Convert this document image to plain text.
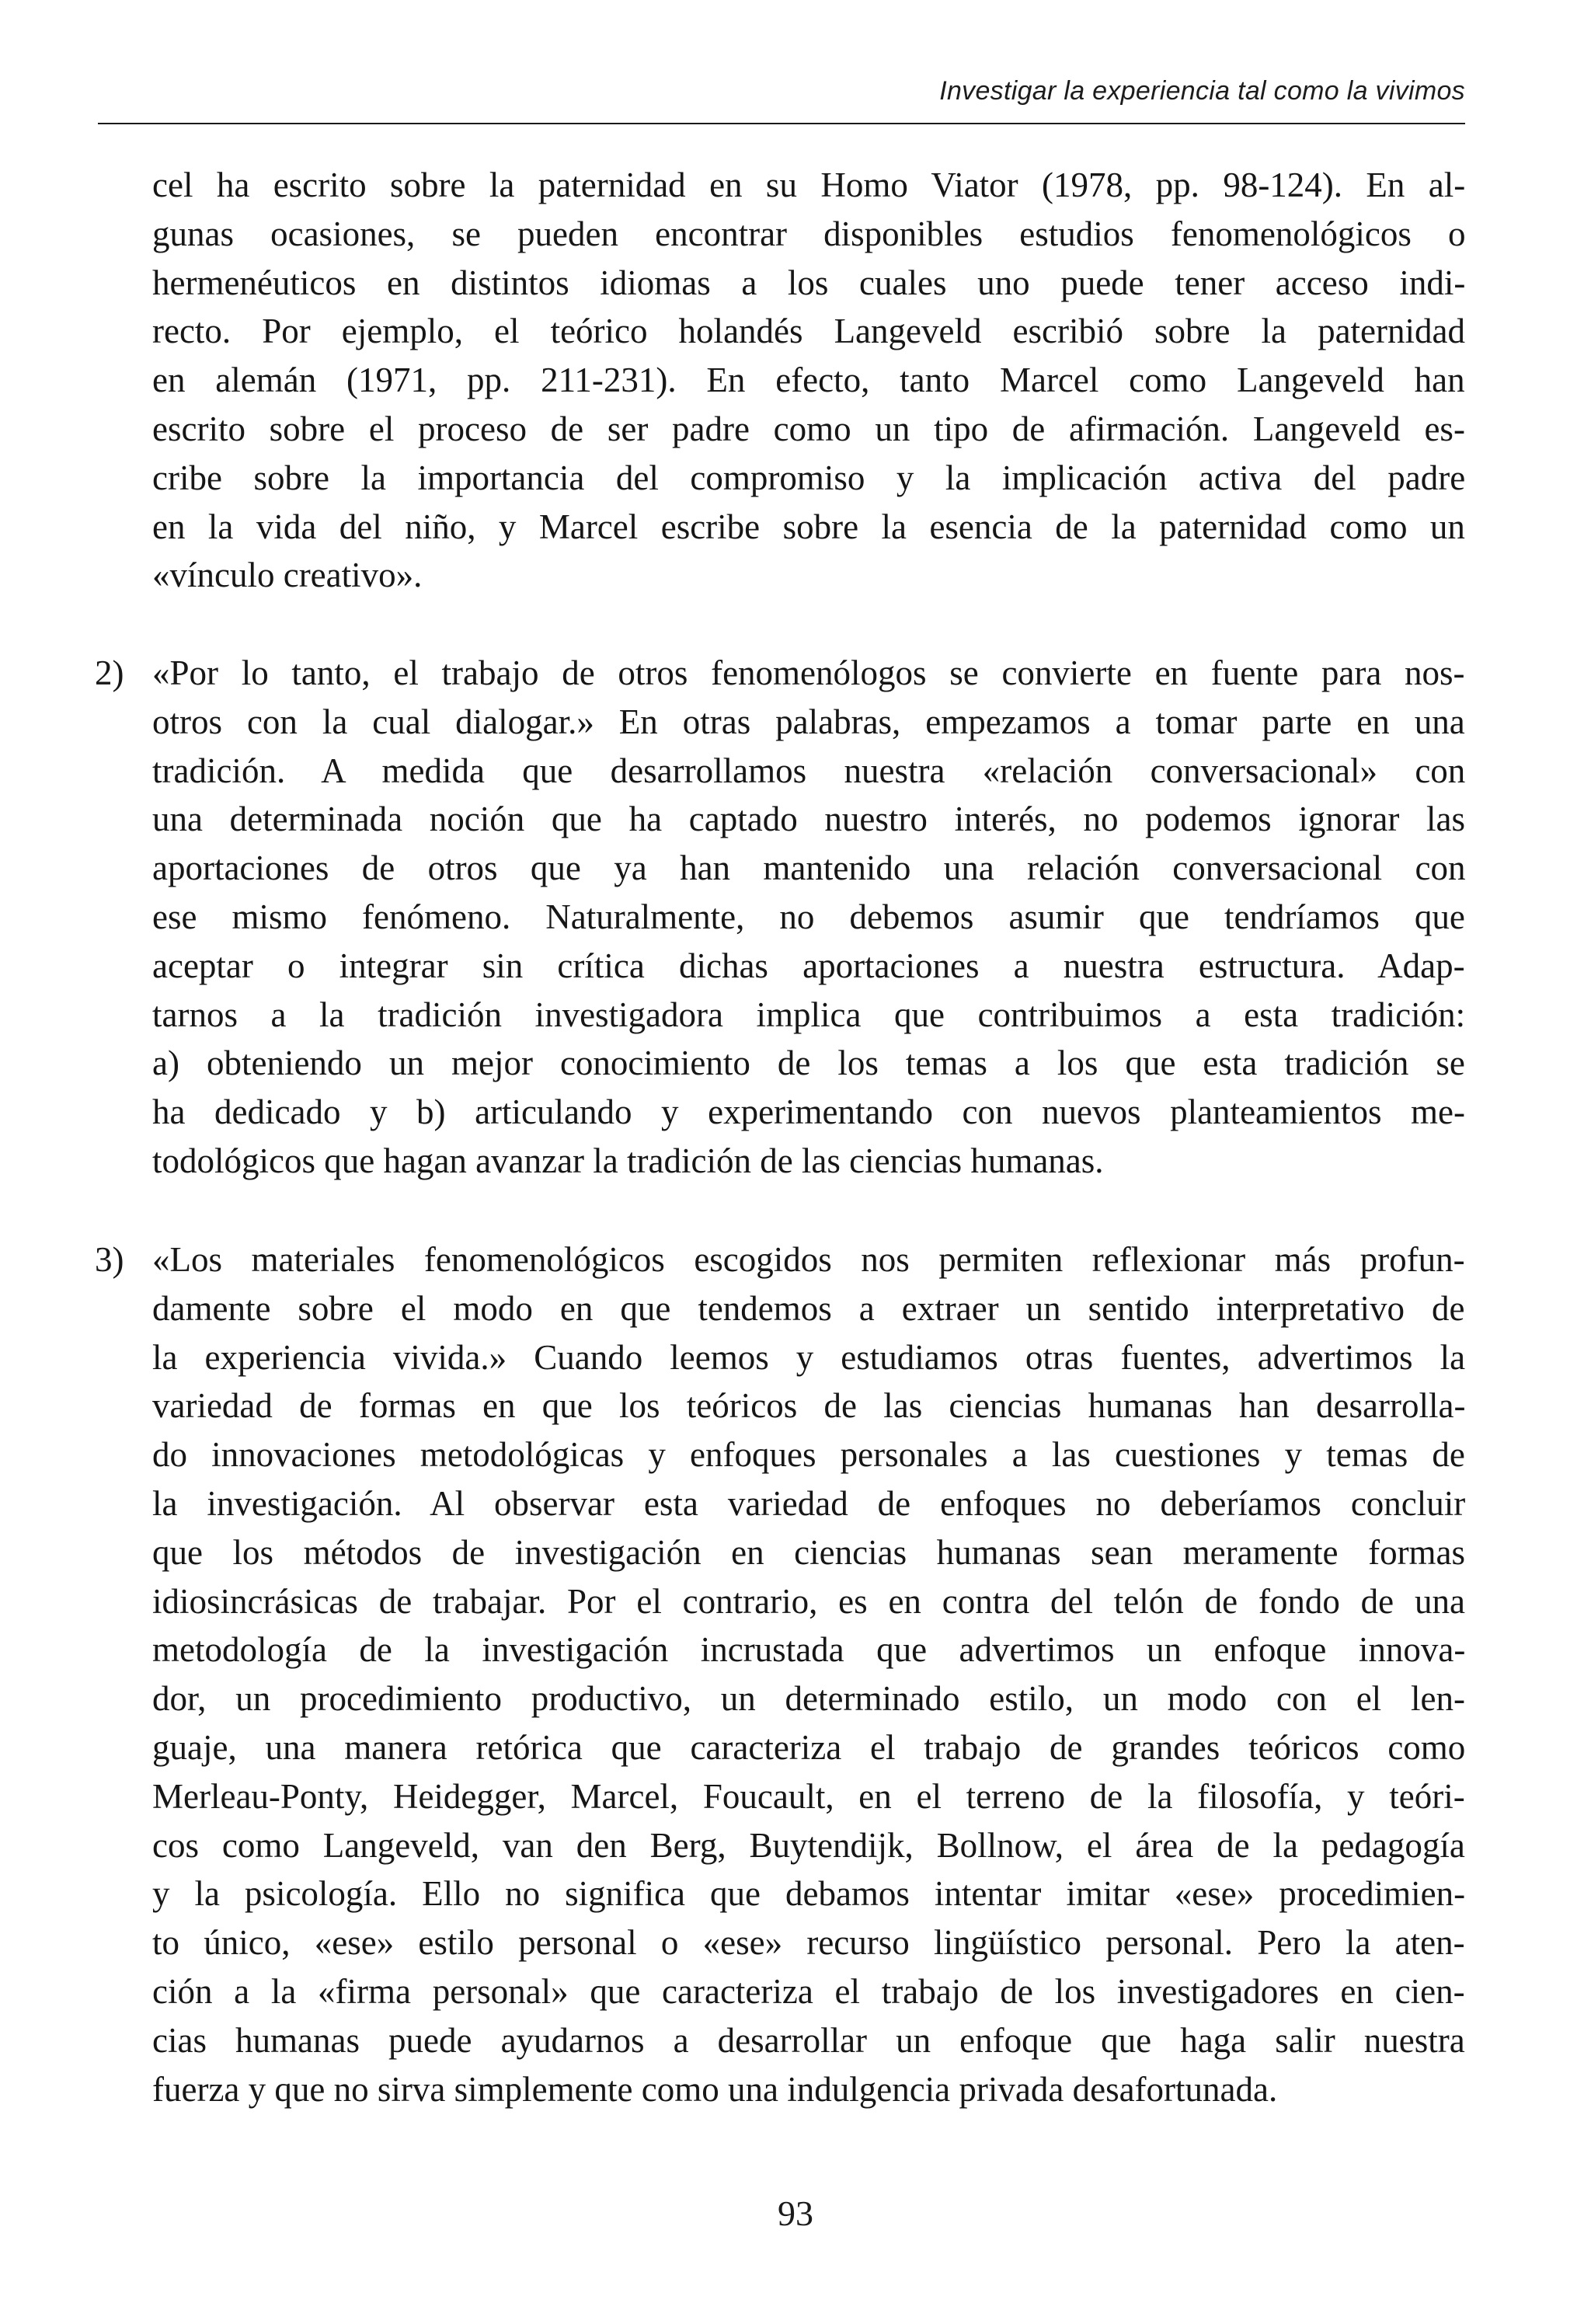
Investigar la experiencia tal como la vivimos
cel ha escrito sobre la paternidad en su Homo Viator (1978, pp. 98-124). En al-
gunas ocasiones, se pueden encontrar disponibles estudios fenomenológicos o
hermenéuticos en distintos idiomas a los cuales uno puede tener acceso indi-
recto. Por ejemplo, el teórico holandés Langeveld escribió sobre la paternidad
en alemán (1971, pp. 211-231). En efecto, tanto Marcel como Langeveld han
escrito sobre el proceso de ser padre como un tipo de afirmación. Langeveld es-
cribe sobre la importancia del compromiso y la implicación activa del padre
en la vida del niño, y Marcel escribe sobre la esencia de la paternidad como un
«vínculo creativo».
2) «Por lo tanto, el trabajo de otros fenomenólogos se convierte en fuente para nos-
otros con la cual dialogar.» En otras palabras, empezamos a tomar parte en una
tradición. A medida que desarrollamos nuestra «relación conversacional» con
una determinada noción que ha captado nuestro interés, no podemos ignorar las
aportaciones de otros que ya han mantenido una relación conversacional con
ese mismo fenómeno. Naturalmente, no debemos asumir que tendríamos que
aceptar o integrar sin crítica dichas aportaciones a nuestra estructura. Adap-
tarnos a la tradición investigadora implica que contribuimos a esta tradición:
a) obteniendo un mejor conocimiento de los temas a los que esta tradición se
ha dedicado y b) articulando y experimentando con nuevos planteamientos me-
todológicos que hagan avanzar la tradición de las ciencias humanas.
3) «Los materiales fenomenológicos escogidos nos permiten reflexionar más profun-
damente sobre el modo en que tendemos a extraer un sentido interpretativo de
la experiencia vivida.» Cuando leemos y estudiamos otras fuentes, advertimos la
variedad de formas en que los teóricos de las ciencias humanas han desarrolla-
do innovaciones metodológicas y enfoques personales a las cuestiones y temas de
la investigación. Al observar esta variedad de enfoques no deberíamos concluir
que los métodos de investigación en ciencias humanas sean meramente formas
idiosincrásicas de trabajar. Por el contrario, es en contra del telón de fondo de una
metodología de la investigación incrustada que advertimos un enfoque innova-
dor, un procedimiento productivo, un determinado estilo, un modo con el len-
guaje, una manera retórica que caracteriza el trabajo de grandes teóricos como
Merleau-Ponty, Heidegger, Marcel, Foucault, en el terreno de la filosofía, y teóri-
cos como Langeveld, van den Berg, Buytendijk, Bollnow, el área de la pedagogía
y la psicología. Ello no significa que debamos intentar imitar «ese» procedimien-
to único, «ese» estilo personal o «ese» recurso lingüístico personal. Pero la aten-
ción a la «firma personal» que caracteriza el trabajo de los investigadores en cien-
cias humanas puede ayudarnos a desarrollar un enfoque que haga salir nuestra
fuerza y que no sirva simplemente como una indulgencia privada desafortunada.
93
